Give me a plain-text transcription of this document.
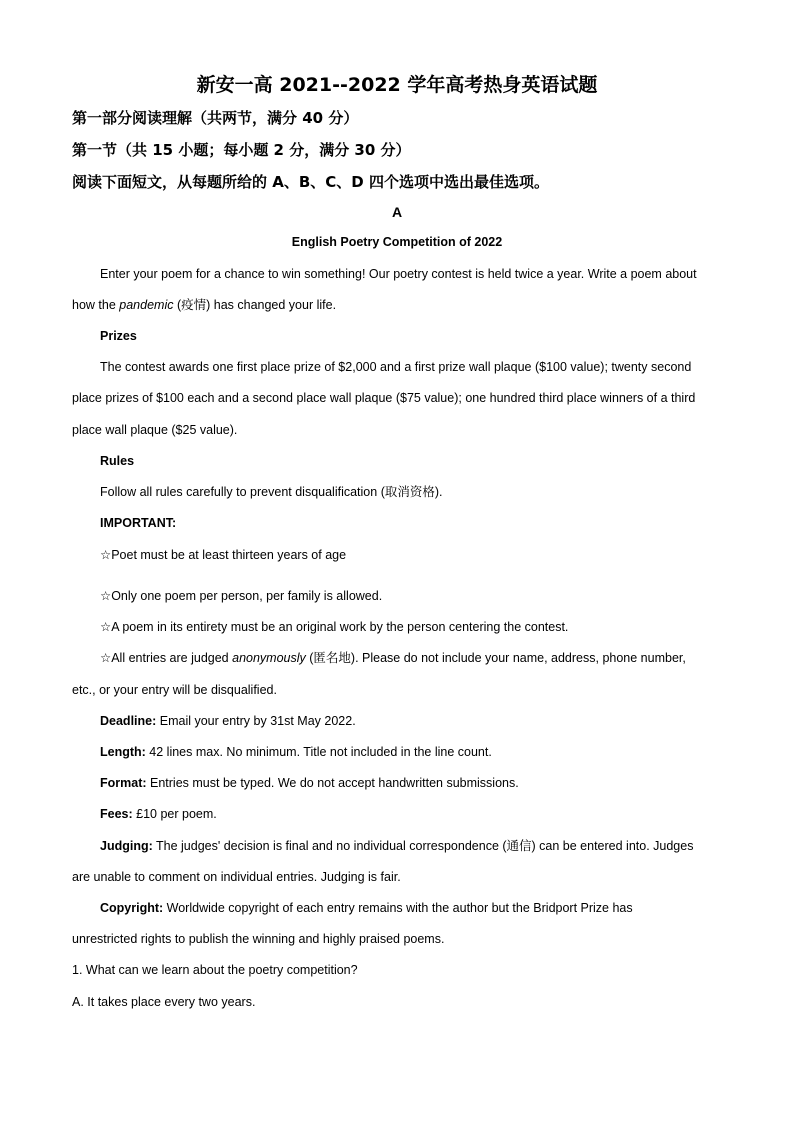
新安一高 2021--2022 学年高考热身英语试题
第一部分阅读理解（共两节，满分 40 分）
第一节（共 15 小题；每小题 2 分，满分 30 分）
阅读下面短文，从每题所给的 A、B、C、D 四个选项中选出最佳选项。
A
English Poetry Competition of 2022
Enter your poem for a chance to win something! Our poetry contest is held twice a year. Write a poem about
how the pandemic (疫情) has changed your life.
Prizes
The contest awards one first place prize of $2,000 and a first prize wall plaque ($100 value); twenty second
place prizes of $100 each and a second place wall plaque ($75 value); one hundred third place winners of a third
place wall plaque ($25 value).
Rules
Follow all rules carefully to prevent disqualification (取消资格).
IMPORTANT:
☆Poet must be at least thirteen years of age
☆Only one poem per person, per family is allowed.
☆A poem in its entirety must be an original work by the person centering the contest.
☆All entries are judged anonymously (匿名地). Please do not include your name, address, phone number,
etc., or your entry will be disqualified.
Deadline: Email your entry by 31st May 2022.
Length: 42 lines max. No minimum. Title not included in the line count.
Format: Entries must be typed. We do not accept handwritten submissions.
Fees: £10 per poem.
Judging: The judges' decision is final and no individual correspondence (通信) can be entered into. Judges
are unable to comment on individual entries. Judging is fair.
Copyright: Worldwide copyright of each entry remains with the author but the Bridport Prize has
unrestricted rights to publish the winning and highly praised poems.
1. What can we learn about the poetry competition?
A. It takes place every two years.
